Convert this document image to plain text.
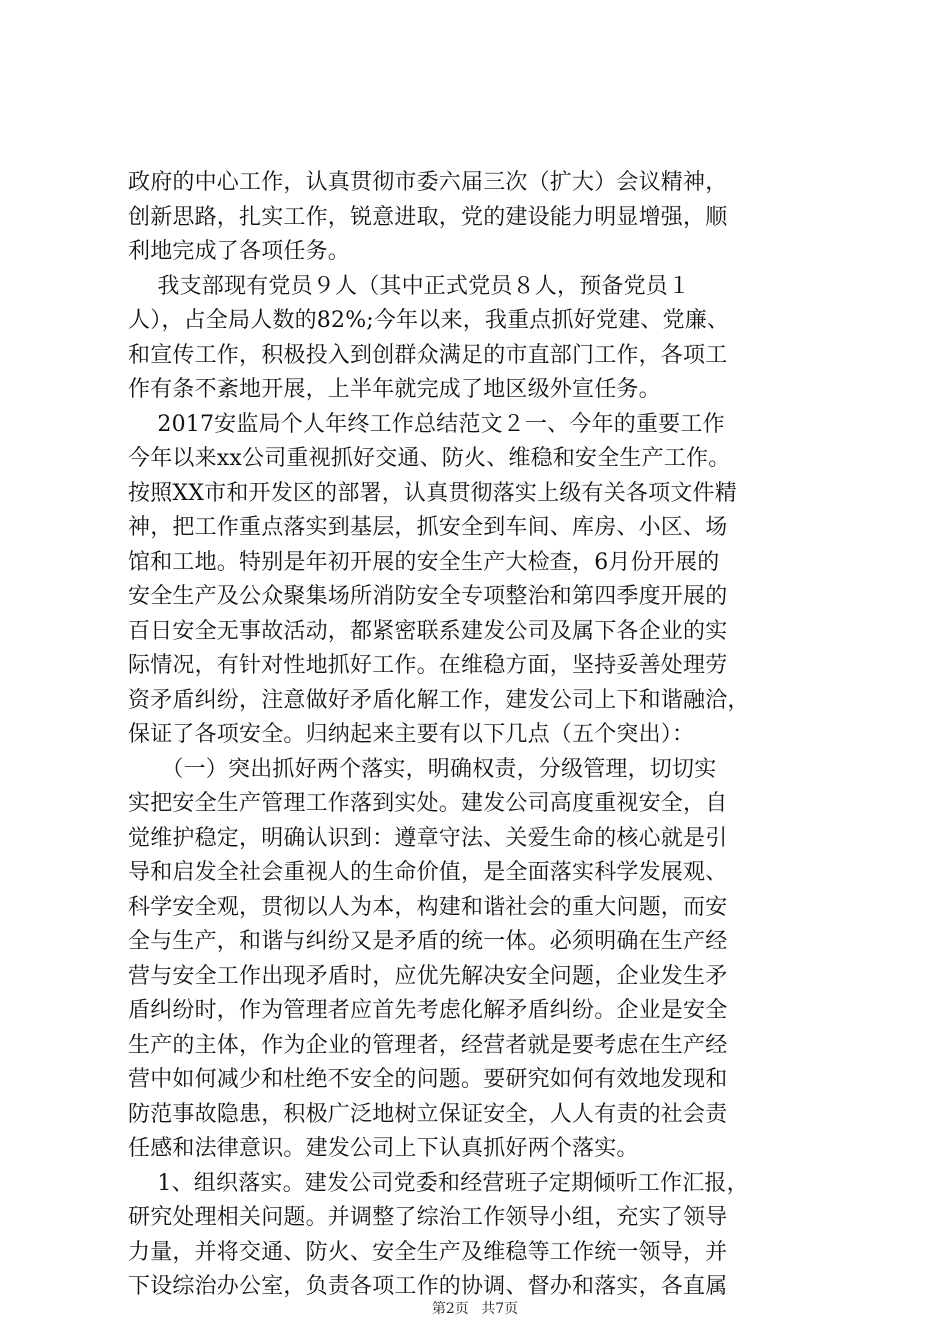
政府的中心工作，认真贯彻市委六届三次（扩大）会议精神，
创新思路，扎实工作，锐意进取，党的建设能力明显增强，顺
利地完成了各项任务。
　 我支部现有党员９人（其中正式党员８人，预备党员１
人），占全局人数的82%;今年以来，我重点抓好党建、党廉、
和宣传工作，积极投入到创群众满足的市直部门工作，各项工
作有条不紊地开展，上半年就完成了地区级外宣任务。
　 2017安监局个人年终工作总结范文２一、今年的重要工作
今年以来xx公司重视抓好交通、防火、维稳和安全生产工作。
按照XX市和开发区的部署，认真贯彻落实上级有关各项文件精
神，把工作重点落实到基层，抓安全到车间、库房、小区、场
馆和工地。特别是年初开展的安全生产大检查，6月份开展的
安全生产及公众聚集场所消防安全专项整治和第四季度开展的
百日安全无事故活动，都紧密联系建发公司及属下各企业的实
际情况，有针对性地抓好工作。在维稳方面，坚持妥善处理劳
资矛盾纠纷，注意做好矛盾化解工作，建发公司上下和谐融洽，
保证了各项安全。归纳起来主要有以下几点（五个突出）：
　　（一）突出抓好两个落实，明确权责，分级管理，切切实
实把安全生产管理工作落到实处。建发公司高度重视安全，自
觉维护稳定，明确认识到：遵章守法、关爱生命的核心就是引
导和启发全社会重视人的生命价值，是全面落实科学发展观、
科学安全观，贯彻以人为本，构建和谐社会的重大问题，而安
全与生产，和谐与纠纷又是矛盾的统一体。必须明确在生产经
营与安全工作出现矛盾时，应优先解决安全问题，企业发生矛
盾纠纷时，作为管理者应首先考虑化解矛盾纠纷。企业是安全
生产的主体，作为企业的管理者，经营者就是要考虑在生产经
营中如何减少和杜绝不安全的问题。要研究如何有效地发现和
防范事故隐患，积极广泛地树立保证安全，人人有责的社会责
任感和法律意识。建发公司上下认真抓好两个落实。
　 1、组织落实。建发公司党委和经营班子定期倾听工作汇报，
研究处理相关问题。并调整了综治工作领导小组，充实了领导
力量，并将交通、防火、安全生产及维稳等工作统一领导，并
下设综治办公室，负责各项工作的协调、督办和落实，各直属
第2页 共7页
